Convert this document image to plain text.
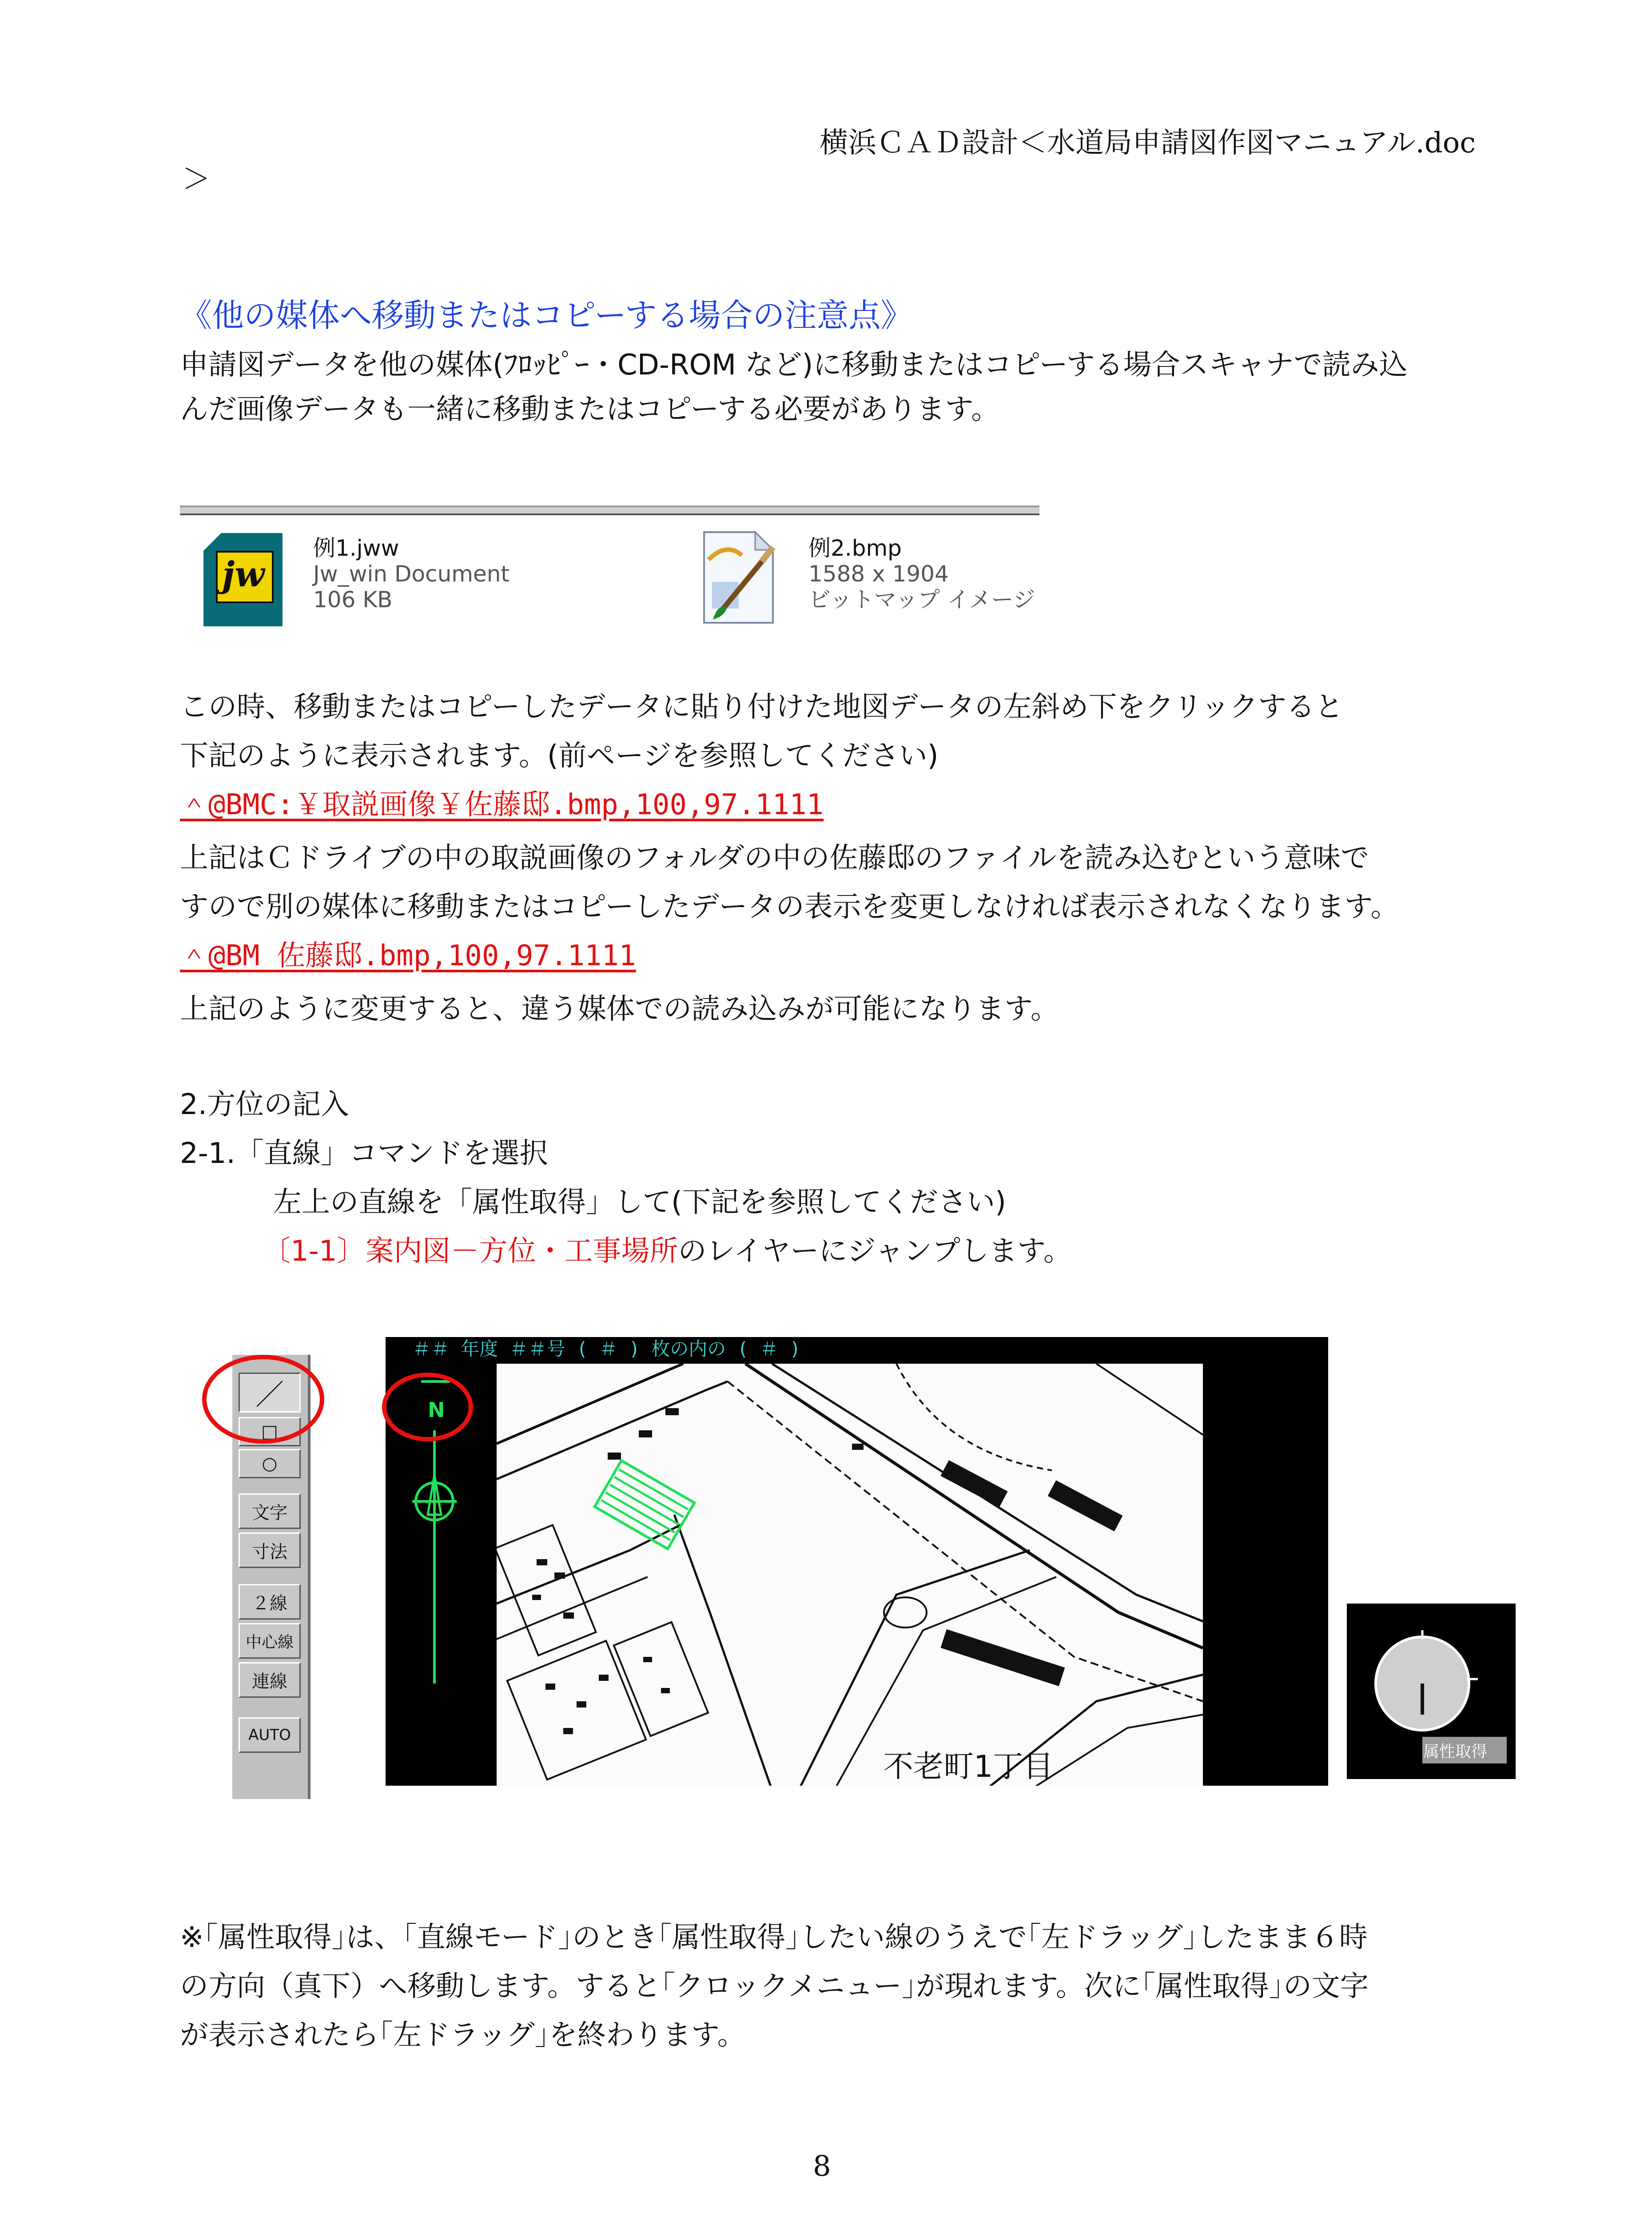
横浜ＣＡＤ設計＜水道局申請図作図マニュアル.doc
＞
《他の媒体へ移動またはコピーする場合の注意点》
申請図データを他の媒体(ﾌﾛｯﾋﾟｰ・CD-ROM など)に移動またはコピーする場合スキャナで読み込
んだ画像データも一緒に移動またはコピーする必要があります。
jw
例1.jww
Jw_win Document
106 KB
例2.bmp
1588 x 1904
ビットマップ イメージ
この時、移動またはコピーしたデータに貼り付けた地図データの左斜め下をクリックすると
下記のように表示されます。(前ページを参照してください)
＾@BMC:￥取説画像￥佐藤邸.bmp,100,97.1111
上記はＣドライブの中の取説画像のフォルダの中の佐藤邸のファイルを読み込むという意味で
すので別の媒体に移動またはコピーしたデータの表示を変更しなければ表示されなくなります。
＾@BM 佐藤邸.bmp,100,97.1111
上記のように変更すると、違う媒体での読み込みが可能になります。
2.方位の記入
2-1.「直線」コマンドを選択
左上の直線を「属性取得」して(下記を参照してください)
〔1-1〕案内図－方位・工事場所のレイヤーにジャンプします。
／
□
○
文字
寸法
２線
中心線
連線
AUTO
＃＃ 年度 ＃＃号 ( ＃ ) 枚の内の ( ＃ )
N
不老町1丁目	属性取得
※｢属性取得｣は、｢直線モード｣のとき｢属性取得｣したい線のうえで｢左ドラッグ｣したまま６時
の方向（真下）へ移動します。すると｢クロックメニュー｣が現れます。次に｢属性取得｣の文字
が表示されたら｢左ドラッグ｣を終わります。
8
